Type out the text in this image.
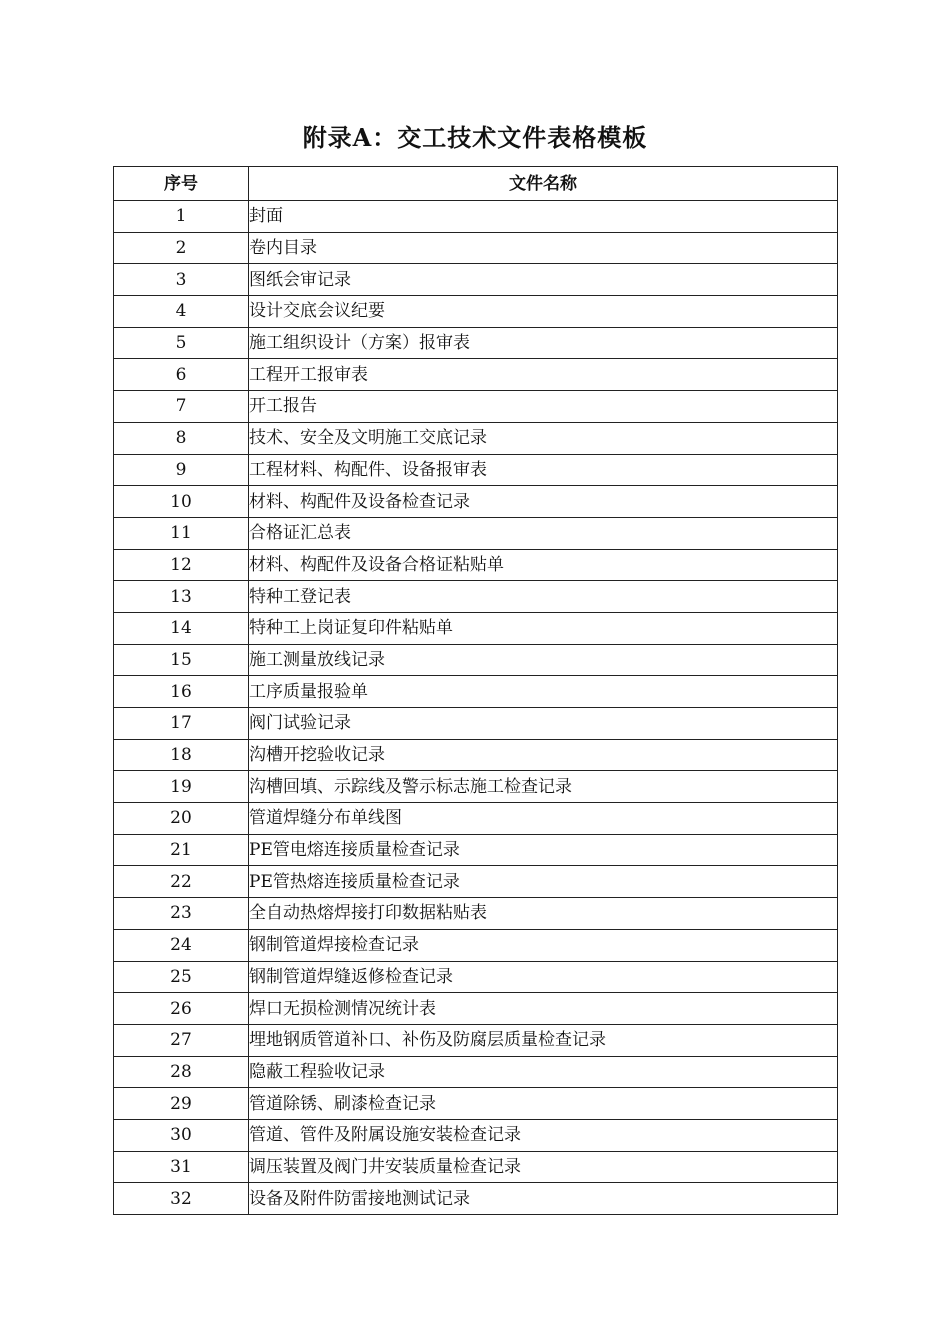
附录A：交工技术文件表格模板
序号	文件名称
1	封面
2	卷内目录
3	图纸会审记录
4	设计交底会议纪要
5	施工组织设计（方案）报审表
6	工程开工报审表
7	开工报告
8	技术、安全及文明施工交底记录
9	工程材料、构配件、设备报审表
10	材料、构配件及设备检查记录
11	合格证汇总表
12	材料、构配件及设备合格证粘贴单
13	特种工登记表
14	特种工上岗证复印件粘贴单
15	施工测量放线记录
16	工序质量报验单
17	阀门试验记录
18	沟槽开挖验收记录
19	沟槽回填、示踪线及警示标志施工检查记录
20	管道焊缝分布单线图
21	PE管电熔连接质量检查记录
22	PE管热熔连接质量检查记录
23	全自动热熔焊接打印数据粘贴表
24	钢制管道焊接检查记录
25	钢制管道焊缝返修检查记录
26	焊口无损检测情况统计表
27	埋地钢质管道补口、补伤及防腐层质量检查记录
28	隐蔽工程验收记录
29	管道除锈、刷漆检查记录
30	管道、管件及附属设施安装检查记录
31	调压装置及阀门井安装质量检查记录
32	设备及附件防雷接地测试记录
